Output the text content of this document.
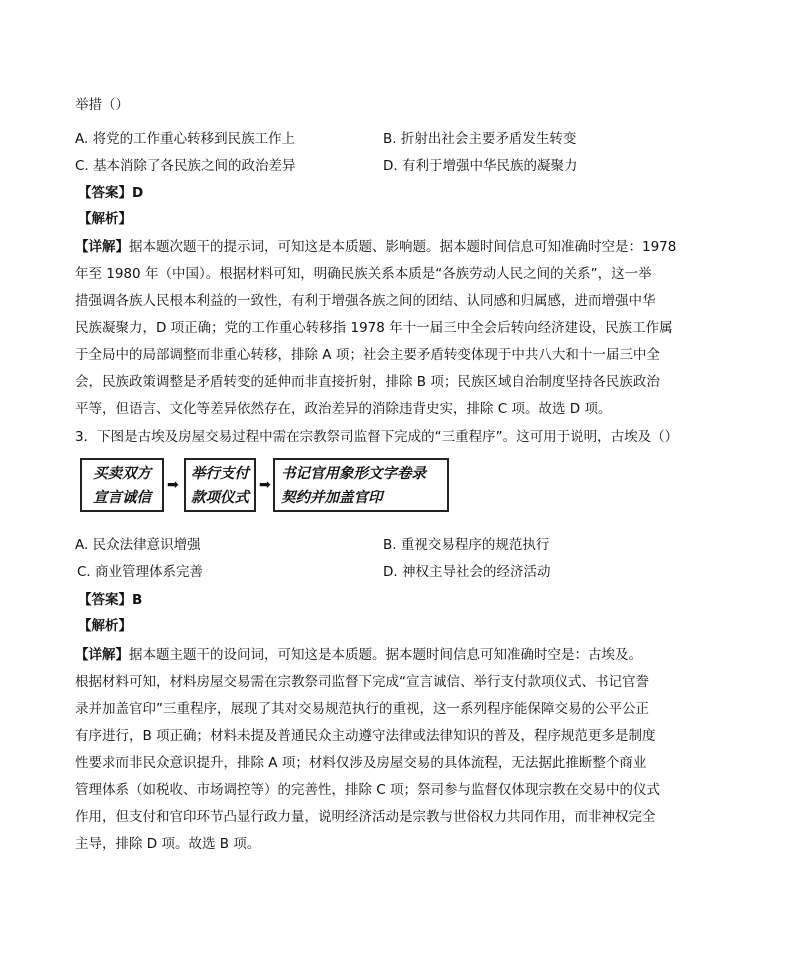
举措（）
A. 将党的工作重心转移到民族工作上	B. 折射出社会主要矛盾发生转变
C. 基本消除了各民族之间的政治差异	D. 有利于增强中华民族的凝聚力
【答案】D
【解析】
【详解】据本题次题干的提示词，可知这是本质题、影响题。据本题时间信息可知准确时空是：1978
年至 1980 年（中国）。根据材料可知，明确民族关系本质是“各族劳动人民之间的关系”，这一举
措强调各族人民根本利益的一致性，有利于增强各族之间的团结、认同感和归属感，进而增强中华
民族凝聚力，D 项正确；党的工作重心转移指 1978 年十一届三中全会后转向经济建设，民族工作属
于全局中的局部调整而非重心转移，排除 A 项；社会主要矛盾转变体现于中共八大和十一届三中全
会，民族政策调整是矛盾转变的延伸而非直接折射，排除 B 项；民族区域自治制度坚持各民族政治
平等，但语言、文化等差异依然存在，政治差异的消除违背史实，排除 C 项。故选 D 项。
3．下图是古埃及房屋交易过程中需在宗教祭司监督下完成的“三重程序”。这可用于说明，古埃及（）
买卖双方
宣言诚信
➡
举行支付
款项仪式
➡
书记官用象形文字卷录
契约并加盖官印
A. 民众法律意识增强	B. 重视交易程序的规范执行
C. 商业管理体系完善	D. 神权主导社会的经济活动
【答案】B
【解析】
【详解】据本题主题干的设问词，可知这是本质题。据本题时间信息可知准确时空是：古埃及。
根据材料可知，材料房屋交易需在宗教祭司监督下完成“宣言诚信、举行支付款项仪式、书记官誊
录并加盖官印”三重程序，展现了其对交易规范执行的重视，这一系列程序能保障交易的公平公正
有序进行，B 项正确；材料未提及普通民众主动遵守法律或法律知识的普及，程序规范更多是制度
性要求而非民众意识提升，排除 A 项；材料仅涉及房屋交易的具体流程，无法据此推断整个商业
管理体系（如税收、市场调控等）的完善性，排除 C 项；祭司参与监督仅体现宗教在交易中的仪式
作用，但支付和官印环节凸显行政力量，说明经济活动是宗教与世俗权力共同作用，而非神权完全
主导，排除 D 项。故选 B 项。
